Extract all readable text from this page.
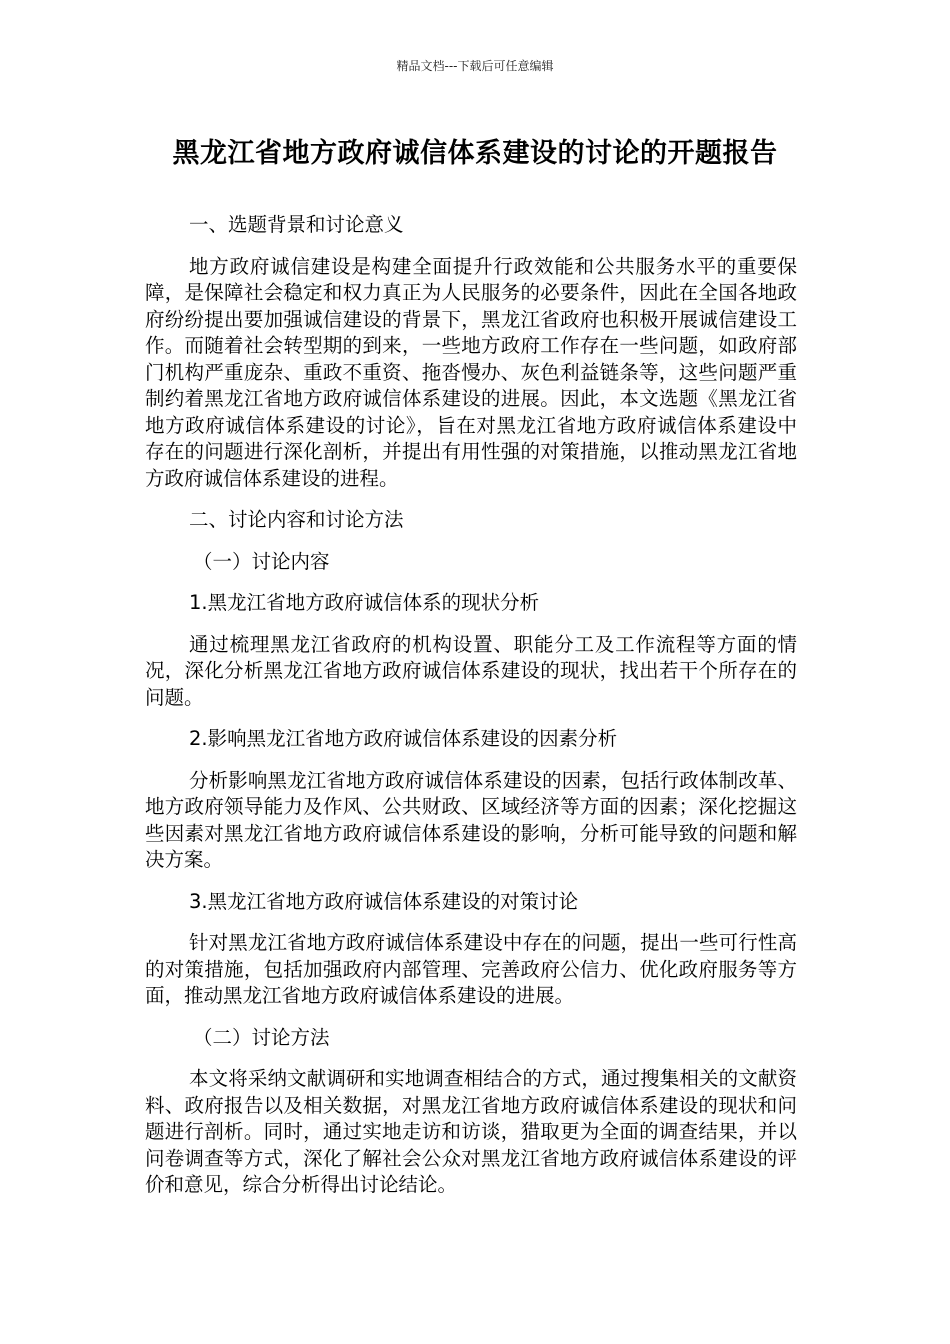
精品文档---下载后可任意编辑
黑龙江省地方政府诚信体系建设的讨论的开题报告

一、选题背景和讨论意义

地方政府诚信建设是构建全面提升行政效能和公共服务水平的重要保障，是保障社会稳定和权力真正为人民服务的必要条件，因此在全国各地政府纷纷提出要加强诚信建设的背景下，黑龙江省政府也积极开展诚信建设工作。而随着社会转型期的到来，一些地方政府工作存在一些问题，如政府部门机构严重庞杂、重政不重资、拖沓慢办、灰色利益链条等，这些问题严重制约着黑龙江省地方政府诚信体系建设的进展。因此，本文选题《黑龙江省地方政府诚信体系建设的讨论》，旨在对黑龙江省地方政府诚信体系建设中存在的问题进行深化剖析，并提出有用性强的对策措施，以推动黑龙江省地方政府诚信体系建设的进程。

二、讨论内容和讨论方法

（一）讨论内容

1.黑龙江省地方政府诚信体系的现状分析

通过梳理黑龙江省政府的机构设置、职能分工及工作流程等方面的情况，深化分析黑龙江省地方政府诚信体系建设的现状，找出若干个所存在的问题。

2.影响黑龙江省地方政府诚信体系建设的因素分析

分析影响黑龙江省地方政府诚信体系建设的因素，包括行政体制改革、地方政府领导能力及作风、公共财政、区域经济等方面的因素；深化挖掘这些因素对黑龙江省地方政府诚信体系建设的影响，分析可能导致的问题和解决方案。

3.黑龙江省地方政府诚信体系建设的对策讨论

针对黑龙江省地方政府诚信体系建设中存在的问题，提出一些可行性高的对策措施，包括加强政府内部管理、完善政府公信力、优化政府服务等方面，推动黑龙江省地方政府诚信体系建设的进展。

（二）讨论方法

本文将采纳文献调研和实地调查相结合的方式，通过搜集相关的文献资料、政府报告以及相关数据，对黑龙江省地方政府诚信体系建设的现状和问题进行剖析。同时，通过实地走访和访谈，猎取更为全面的调查结果，并以问卷调查等方式，深化了解社会公众对黑龙江省地方政府诚信体系建设的评价和意见，综合分析得出讨论结论。
